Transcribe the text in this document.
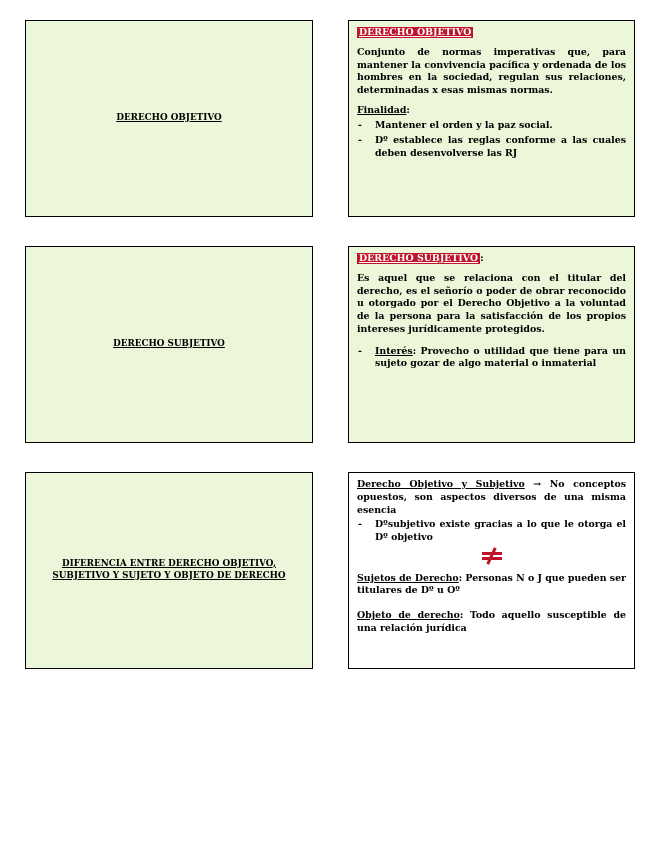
DERECHO OBJETIVO
DERECHO OBJETIVO

Conjunto de normas imperativas que, para mantener la convivencia pacífica y ordenada de los hombres en la sociedad, regulan sus relaciones, determinadas x esas mismas normas.

Finalidad:
- Mantener el orden y la paz social.
- Dº establece las reglas conforme a las cuales deben desenvolverse las RJ
DERECHO SUBJETIVO
DERECHO SUBJETIVO :

Es aquel que se relaciona con el titular del derecho, es el señorío o poder de obrar reconocido u otorgado por el Derecho Objetivo a la voluntad de la persona para la satisfacción de los propios intereses jurídicamente protegidos.

- Interés: Provecho o utilidad que tiene para un sujeto gozar de algo material o inmaterial
DIFERENCIA ENTRE DERECHO OBJETIVO, SUBJETIVO Y SUJETO Y OBJETO DE DERECHO

Derecho Objetivo y Subjetivo → No conceptos opuestos, son aspectos diversos de una misma esencia

- Dºsubjetivo existe gracias a lo que le otorga el Dº objetivo

Sujetos de Derecho: Personas N o J que pueden ser titulares de Dº u Oº

Objeto de derecho: Todo aquello susceptible de una relación jurídica
